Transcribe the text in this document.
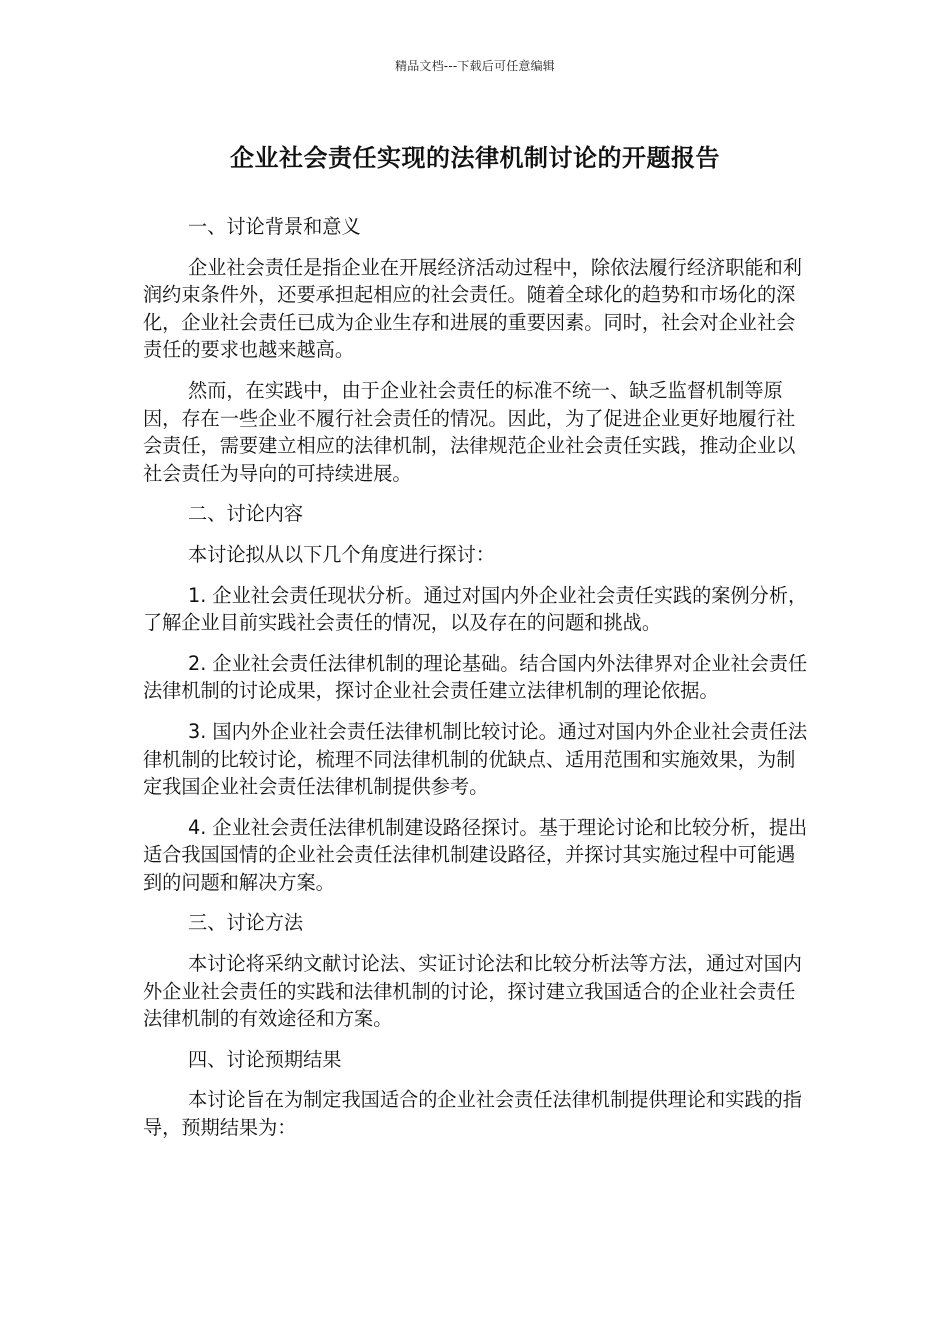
精品文档---下载后可任意编辑
企业社会责任实现的法律机制讨论的开题报告
一、讨论背景和意义

企业社会责任是指企业在开展经济活动过程中，除依法履行经济职能和利润约束条件外，还要承担起相应的社会责任。随着全球化的趋势和市场化的深化，企业社会责任已成为企业生存和进展的重要因素。同时，社会对企业社会责任的要求也越来越高。

然而，在实践中，由于企业社会责任的标准不统一、缺乏监督机制等原因，存在一些企业不履行社会责任的情况。因此，为了促进企业更好地履行社会责任，需要建立相应的法律机制，法律规范企业社会责任实践，推动企业以社会责任为导向的可持续进展。

二、讨论内容

本讨论拟从以下几个角度进行探讨：

1. 企业社会责任现状分析。通过对国内外企业社会责任实践的案例分析，了解企业目前实践社会责任的情况，以及存在的问题和挑战。

2. 企业社会责任法律机制的理论基础。结合国内外法律界对企业社会责任法律机制的讨论成果，探讨企业社会责任建立法律机制的理论依据。

3. 国内外企业社会责任法律机制比较讨论。通过对国内外企业社会责任法律机制的比较讨论，梳理不同法律机制的优缺点、适用范围和实施效果，为制定我国企业社会责任法律机制提供参考。

4. 企业社会责任法律机制建设路径探讨。基于理论讨论和比较分析，提出适合我国国情的企业社会责任法律机制建设路径，并探讨其实施过程中可能遇到的问题和解决方案。

三、讨论方法

本讨论将采纳文献讨论法、实证讨论法和比较分析法等方法，通过对国内外企业社会责任的实践和法律机制的讨论，探讨建立我国适合的企业社会责任法律机制的有效途径和方案。

四、讨论预期结果

本讨论旨在为制定我国适合的企业社会责任法律机制提供理论和实践的指导，预期结果为：
